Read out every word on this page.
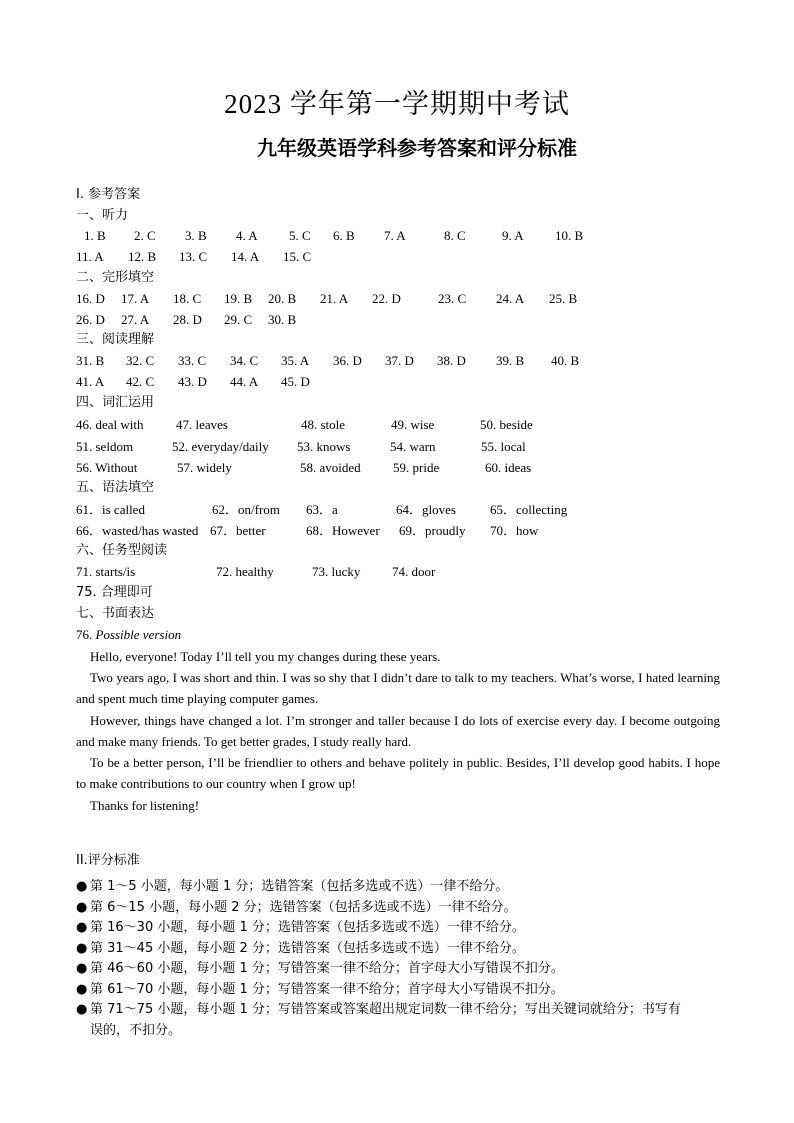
2023 学年第一学期期中考试
九年级英语学科参考答案和评分标准
I. 参考答案
一、听力
1. B 2. C 3. B 4. A 5. C 6. B 7. A	8. C	9. A 10. B
11. A 12. B 13. C 14. A 15. C
二、完形填空
16. D 17. A 18. C 19. B 20. B 21. A 22. D	23. C 24. A 25. B
26. D 27. A 28. D 29. C 30. B
三、阅读理解
31. B 32. C 33. C 34. C 35. A 36. D 37. D 38. D 39. B 40. B
41. A 42. C 43. D 44. A 45. D
四、词汇运用
46. deal with 47. leaves	48. stole	49. wise	50. beside
51. seldom	52. everyday/daily 53. knows	54. warn	55. local
56. Without	57. widely	58. avoided 59. pride	60. ideas
五、语法填空
61．is called	62．on/from 63．a	64．gloves	65．collecting
66．wasted/has wasted 67．better	68．However 69．proudly 70．how
六、任务型阅读
71. starts/is	72. healthy	73. lucky 74. door
75. 合理即可
七、书面表达
76. Possible version
Hello, everyone! Today I’ll tell you my changes during these years.
Two years ago, I was short and thin. I was so shy that I didn’t dare to talk to my teachers. What’s worse, I hated learning and spent much time playing computer games.
However, things have changed a lot. I’m stronger and taller because I do lots of exercise every day. I become outgoing and make many friends. To get better grades, I study really hard.
To be a better person, I’ll be friendlier to others and behave politely in public. Besides, I’ll develop good habits. I hope to make contributions to our country when I grow up!
Thanks for listening!
II.评分标准
● 第 1～5 小题，每小题 1 分；选错答案（包括多选或不选）一律不给分。
● 第 6～15 小题，每小题 2 分；选错答案（包括多选或不选）一律不给分。
● 第 16～30 小题，每小题 1 分；选错答案（包括多选或不选）一律不给分。
● 第 31～45 小题，每小题 2 分；选错答案（包括多选或不选）一律不给分。
● 第 46～60 小题，每小题 1 分；写错答案一律不给分；首字母大小写错误不扣分。
● 第 61～70 小题，每小题 1 分；写错答案一律不给分；首字母大小写错误不扣分。
● 第 71～75 小题，每小题 1 分；写错答案或答案超出规定词数一律不给分；写出关键词就给分；书写有
误的，不扣分。
